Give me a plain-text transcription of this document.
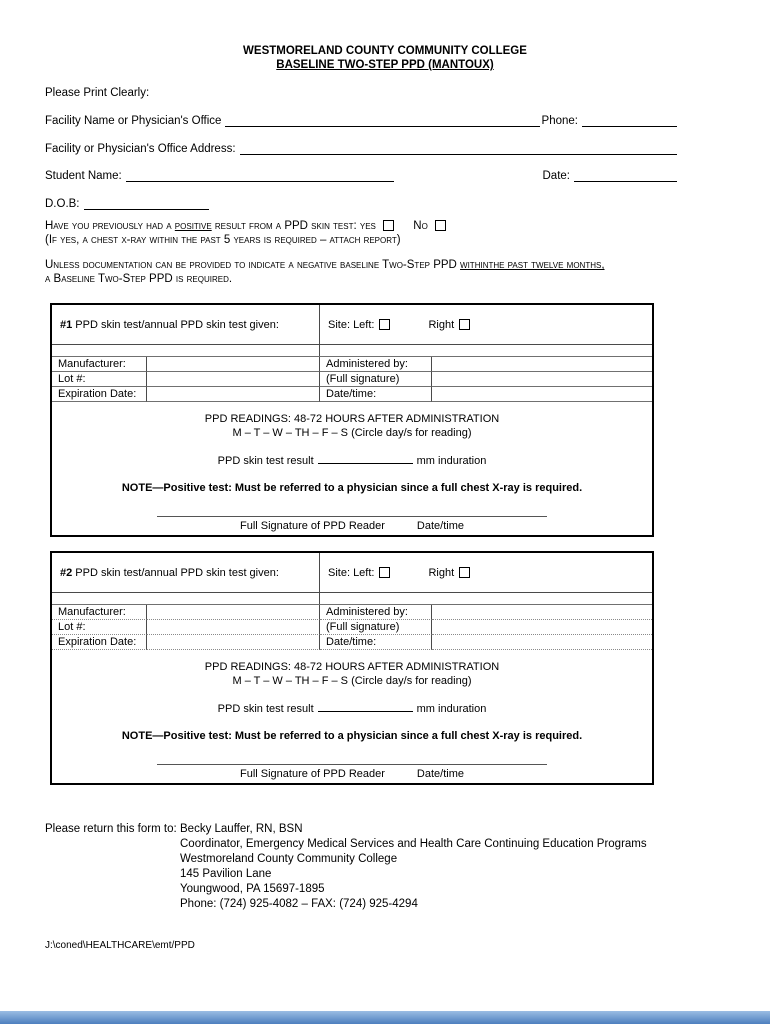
WESTMORELAND COUNTY COMMUNITY COLLEGE
BASELINE TWO-STEP PPD (MANTOUX)
Please Print Clearly:
Facility Name or Physician's Office	Phone:
Facility or Physician's Office Address:
Student Name:	Date:
D.O.B:
Have you previously had a positive result from a PPD skin test: yes	No
(If yes, a chest x-ray within the past 5 years is required – attach report)
Unless documentation can be provided to indicate a negative baseline Two-Step PPD withinthe past twelve months,
a Baseline Two-Step PPD is required.
#1 PPD skin test/annual PPD skin test given:	Site: Left:	Right
Manufacturer:	Administered by:
Lot #:	(Full signature)
Expiration Date:	Date/time:
PPD READINGS: 48-72 HOURS AFTER ADMINISTRATION
M – T – W – TH – F – S (Circle day/s for reading)
PPD skin test result	mm induration
NOTE—Positive test: Must be referred to a physician since a full chest X-ray is required.
Full Signature of PPD Reader	Date/time
#2 PPD skin test/annual PPD skin test given:	Site: Left:	Right
Manufacturer:	Administered by:
Lot #:	(Full signature)
Expiration Date:	Date/time:
PPD READINGS: 48-72 HOURS AFTER ADMINISTRATION
M – T – W – TH – F – S (Circle day/s for reading)
PPD skin test result	mm induration
NOTE—Positive test: Must be referred to a physician since a full chest X-ray is required.
Full Signature of PPD Reader	Date/time
Please return this form to: Becky Lauffer, RN, BSN
Coordinator, Emergency Medical Services and Health Care Continuing Education Programs
Westmoreland County Community College
145 Pavilion Lane
Youngwood, PA 15697-1895
Phone: (724) 925-4082 – FAX: (724) 925-4294
J:\coned\HEALTHCARE\emt/PPD
